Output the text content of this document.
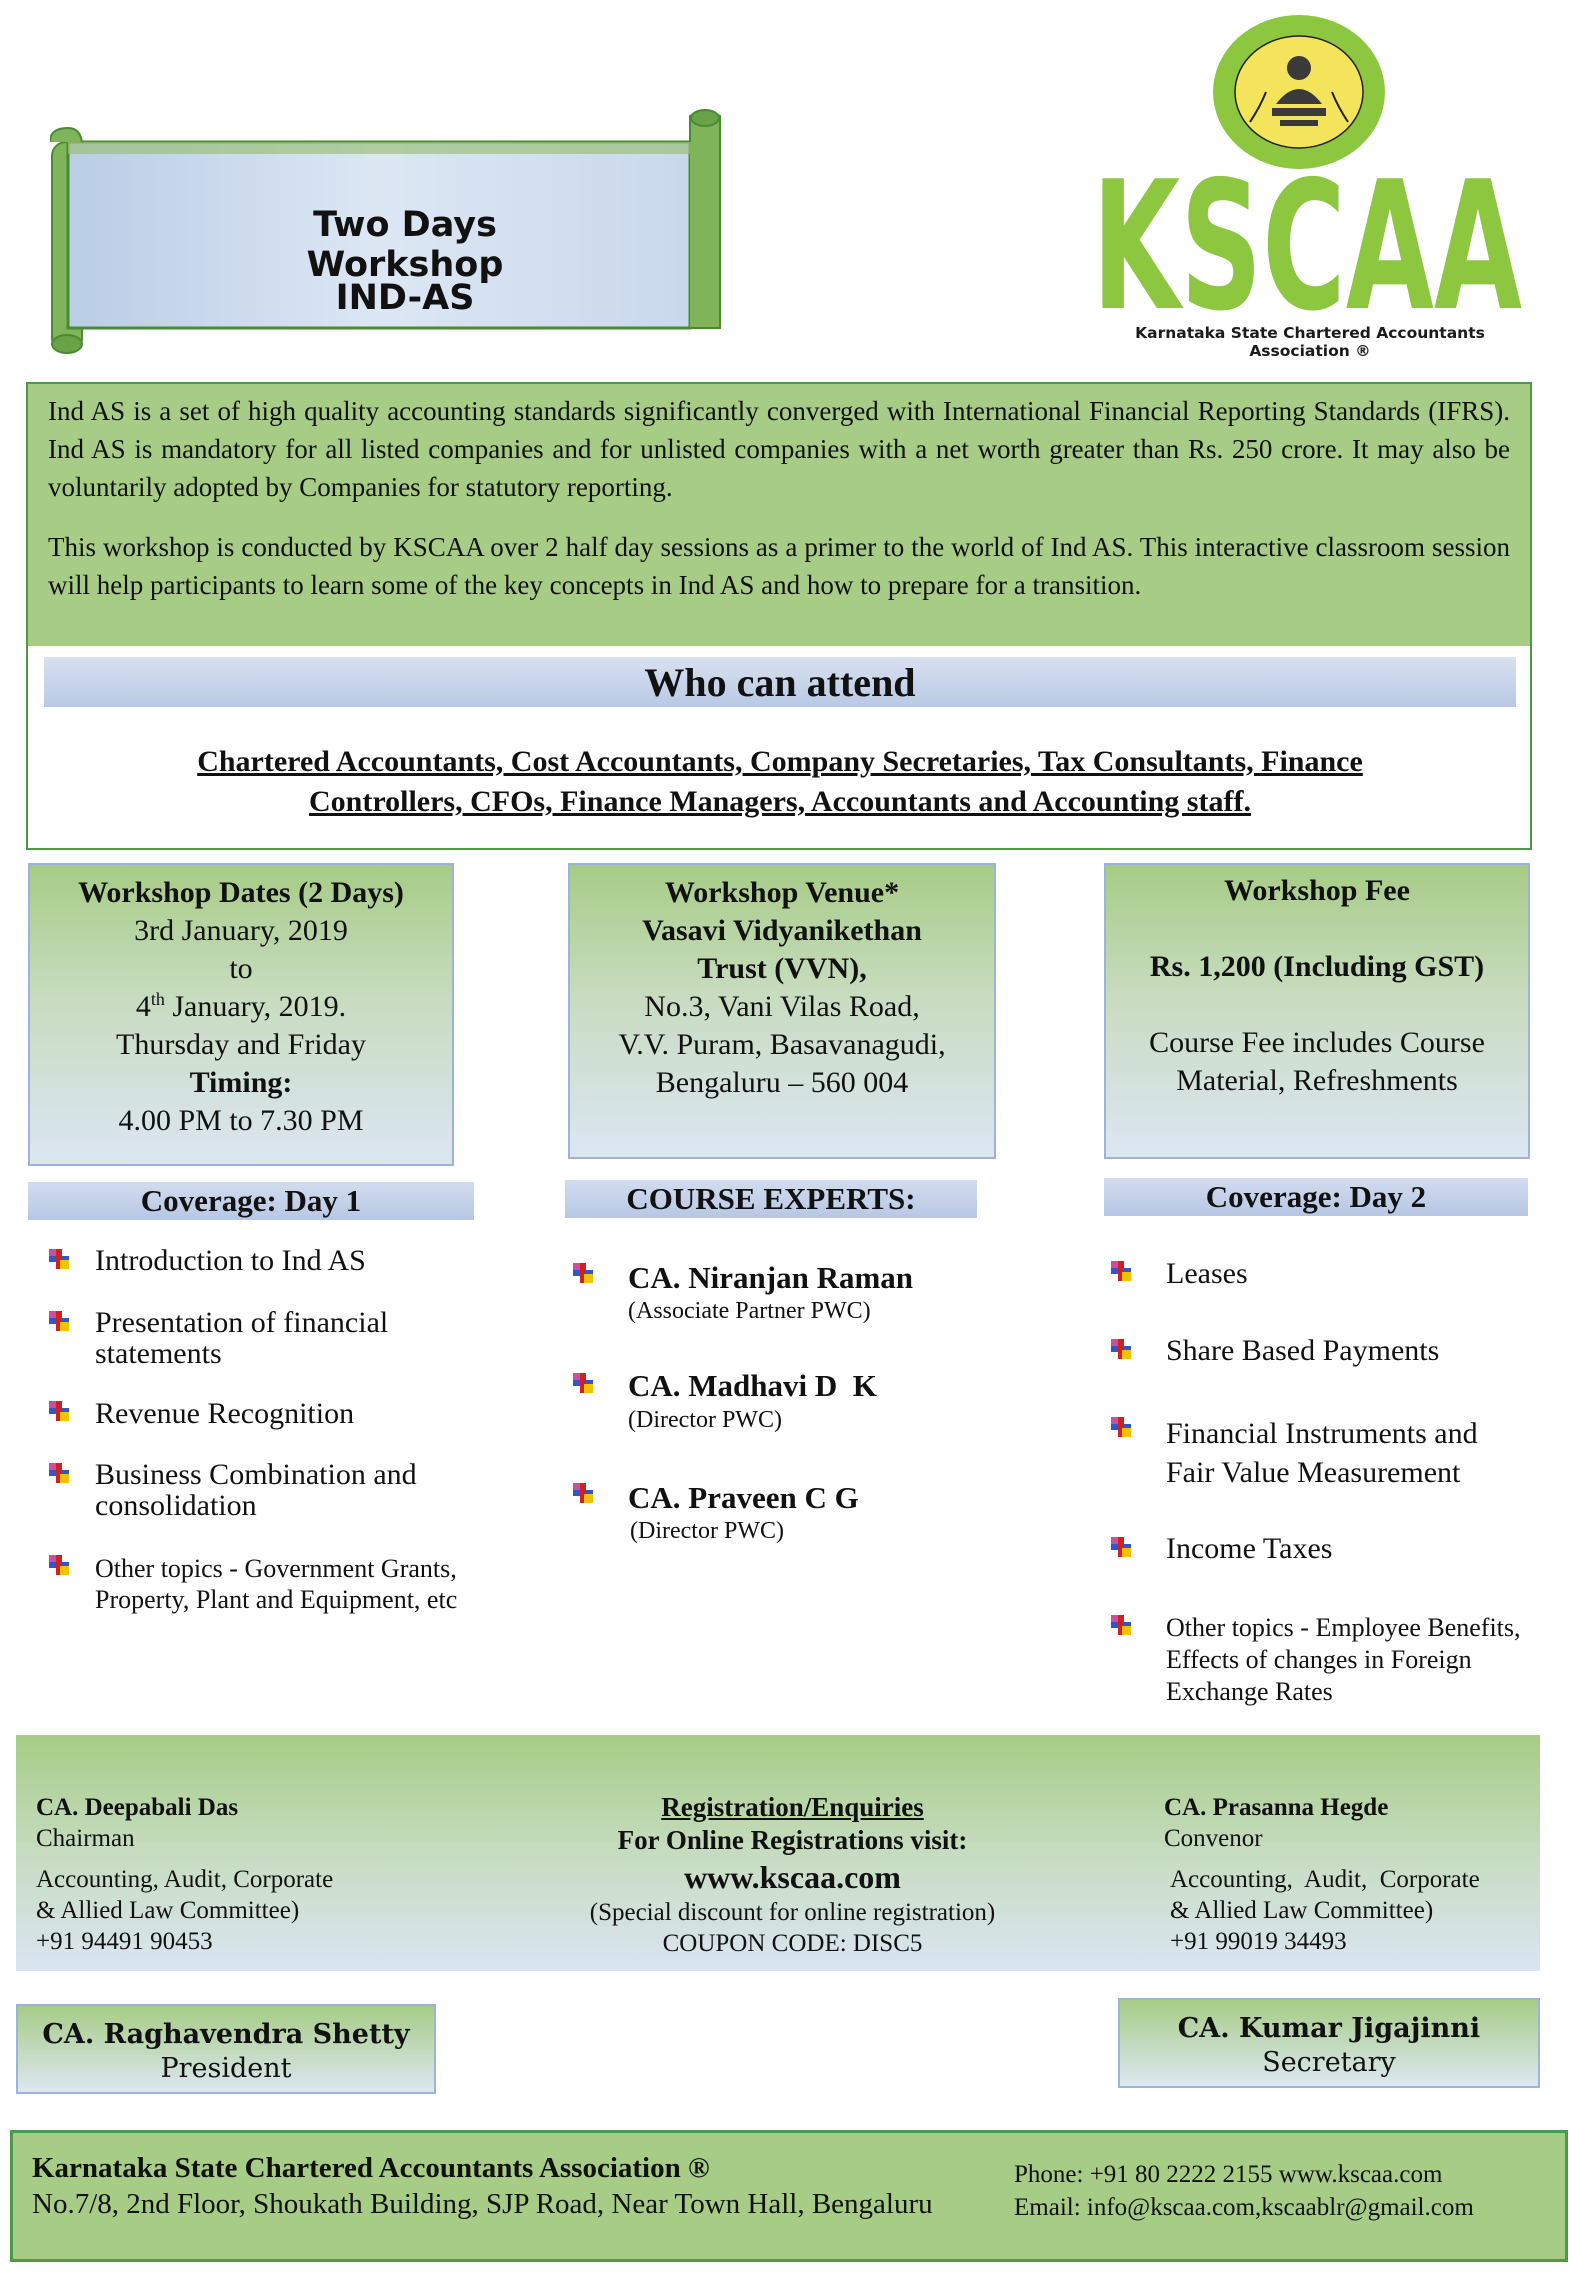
Two Days Workshop
IND-AS	KSCAA
Karnataka State Chartered Accountants Association ®

Ind AS is a set of high quality accounting standards significantly converged with International Financial Reporting Standards (IFRS). Ind AS is mandatory for all listed companies and for unlisted companies with a net worth greater than Rs. 250 crore. It may also be voluntarily adopted by Companies for statutory reporting.

This workshop is conducted by KSCAA over 2 half day sessions as a primer to the world of Ind AS. This interactive classroom session will help participants to learn some of the key concepts in Ind AS and how to prepare for a transition.

Who can attend
Chartered Accountants, Cost Accountants, Company Secretaries, Tax Consultants, Finance
Controllers, CFOs, Finance Managers, Accountants and Accounting staff.
Workshop Dates (2 Days)
3rd January, 2019
to
4th January, 2019.
Thursday and Friday
Timing:
4.00 PM to 7.30 PM
Workshop Venue*
Vasavi Vidyanikethan
Trust (VVN),
No.3, Vani Vilas Road,
V.V. Puram, Basavanagudi,
Bengaluru – 560 004
Workshop Fee
Rs. 1,200 (Including GST)
Course Fee includes Course
Material, Refreshments
Coverage: Day 1	COURSE EXPERTS:	Coverage: Day 2
Introduction to Ind AS
Presentation of financial statements
Revenue Recognition
Business Combination and consolidation
Other topics - Government Grants, Property, Plant and Equipment, etc
CA. Niranjan Raman
(Associate Partner PWC)
CA. Madhavi D  K
(Director PWC)
CA. Praveen C G
(Director PWC)
Leases
Share Based Payments
Financial Instruments and Fair Value Measurement
Income Taxes
Other topics - Employee Benefits, Effects of changes in Foreign Exchange Rates
CA. Deepabali Das
Chairman
Accounting, Audit, Corporate
& Allied Law Committee)
+91 94491 90453
Registration/Enquiries
For Online Registrations visit:
www.kscaa.com
(Special discount for online registration)
COUPON CODE: DISC5
CA. Prasanna Hegde
Convenor
Accounting,  Audit,  Corporate
& Allied Law Committee)
+91 99019 34493
CA. Raghavendra Shetty
President
CA. Kumar Jigajinni
Secretary
Karnataka State Chartered Accountants Association ®
No.7/8, 2nd Floor, Shoukath Building, SJP Road, Near Town Hall, Bengaluru
Phone: +91 80 2222 2155 www.kscaa.com
Email: info@kscaa.com,kscaablr@gmail.com
